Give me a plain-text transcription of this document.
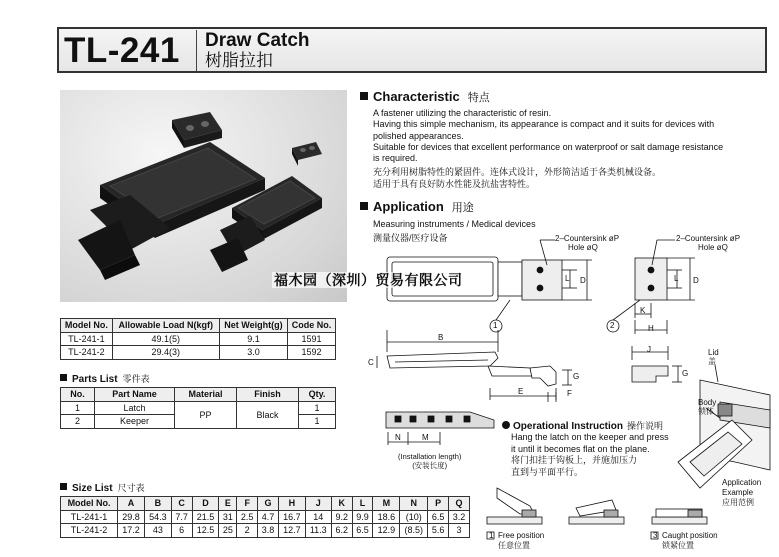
TL-241 Draw Catch
树脂拉扣
Characteristic 特点
A fastener utilizing the characteristic of resin.
Having this simple mechanism, its appearance is compact and it suits for devices with
polished appearances.
Suitable for devices that excellent performance on waterproof or salt damage resistance
is required.
充分利用树脂特性的紧固件。连体式设计，外形简洁适于各类机械设备。
适用于具有良好防水性能及抗盐害特性。
Application 用途
Measuring instruments / Medical devices
测量仪器/医疗设备	2–Countersink øP
Hole øQ
2–Countersink øP
Hole øQ
L D	L D
K
H
1	2
B
C
E	F
G
J
G
N	M
(Installation length)
(安装长度)
Lid
盖
Body
锁体
Application
Example
应用范例
福木园（深圳）贸易有限公司
Operational Instruction 操作说明
Hang the latch on the keeper and press
it until it becomes flat on the plane.
将门扣挂于钩板上，并施加压力
直到与平面平行。
1 Free position
任意位置
3 Caught position
锁紧位置
Model No.	Allowable Load N(kgf)	Net Weight(g)	Code No.
TL-241-1	49.1(5)	9.1	1591
TL-241-2	29.4(3)	3.0	1592
Parts List 零件表
No.	Part Name	Material	Finish	Qty.
1	Latch	PP	Black	1
2	Keeper			1
Size List 尺寸表
Model No.	A	B	C	D	E	F	G	H	J	K	L	M	N	P	Q
TL-241-1	29.8	54.3	7.7	21.5	31	2.5	4.7	16.7	14	9.2	9.9	18.6	(10)	6.5	3.2
TL-241-2	17.2	43	6	12.5	25	2	3.8	12.7	11.3	6.2	6.5	12.9	(8.5)	5.6	3
